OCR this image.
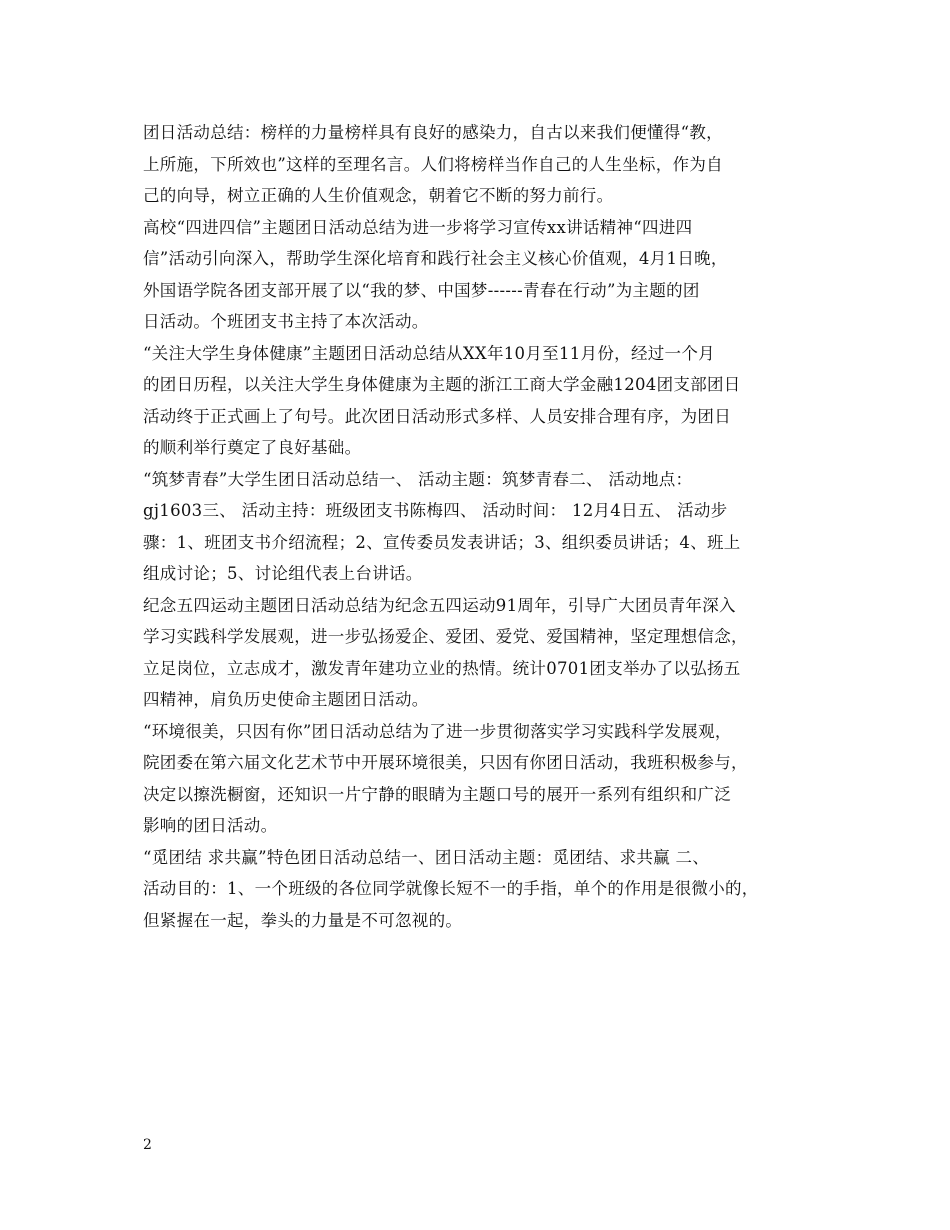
团日活动总结：榜样的力量榜样具有良好的感染力，自古以来我们便懂得“教，
上所施，下所效也”这样的至理名言。人们将榜样当作自己的人生坐标，作为自
己的向导，树立正确的人生价值观念，朝着它不断的努力前行。
高校“四进四信”主题团日活动总结为进一步将学习宣传xx讲话精神“四进四
信”活动引向深入，帮助学生深化培育和践行社会主义核心价值观，4月1日晚，
外国语学院各团支部开展了以“我的梦、中国梦------青春在行动”为主题的团
日活动。个班团支书主持了本次活动。
“关注大学生身体健康”主题团日活动总结从XX年10月至11月份，经过一个月
的团日历程，以关注大学生身体健康为主题的浙江工商大学金融1204团支部团日
活动终于正式画上了句号。此次团日活动形式多样、人员安排合理有序，为团日
的顺利举行奠定了良好基础。
“筑梦青春”大学生团日活动总结一、 活动主题：筑梦青春二、 活动地点：
gj1603三、 活动主持：班级团支书陈梅四、 活动时间： 12月4日五、 活动步
骤：1、班团支书介绍流程；2、宣传委员发表讲话；3、组织委员讲话；4、班上
组成讨论；5、讨论组代表上台讲话。
纪念五四运动主题团日活动总结为纪念五四运动91周年，引导广大团员青年深入
学习实践科学发展观，进一步弘扬爱企、爱团、爱党、爱国精神，坚定理想信念，
立足岗位，立志成才，激发青年建功立业的热情。统计0701团支举办了以弘扬五
四精神，肩负历史使命主题团日活动。
“环境很美，只因有你”团日活动总结为了进一步贯彻落实学习实践科学发展观，
院团委在第六届文化艺术节中开展环境很美，只因有你团日活动，我班积极参与，
决定以擦洗橱窗，还知识一片宁静的眼睛为主题口号的展开一系列有组织和广泛
影响的团日活动。
“觅团结 求共赢”特色团日活动总结一、团日活动主题：觅团结、求共赢 二、
活动目的：1、一个班级的各位同学就像长短不一的手指，单个的作用是很微小的，
但紧握在一起，拳头的力量是不可忽视的。
2
